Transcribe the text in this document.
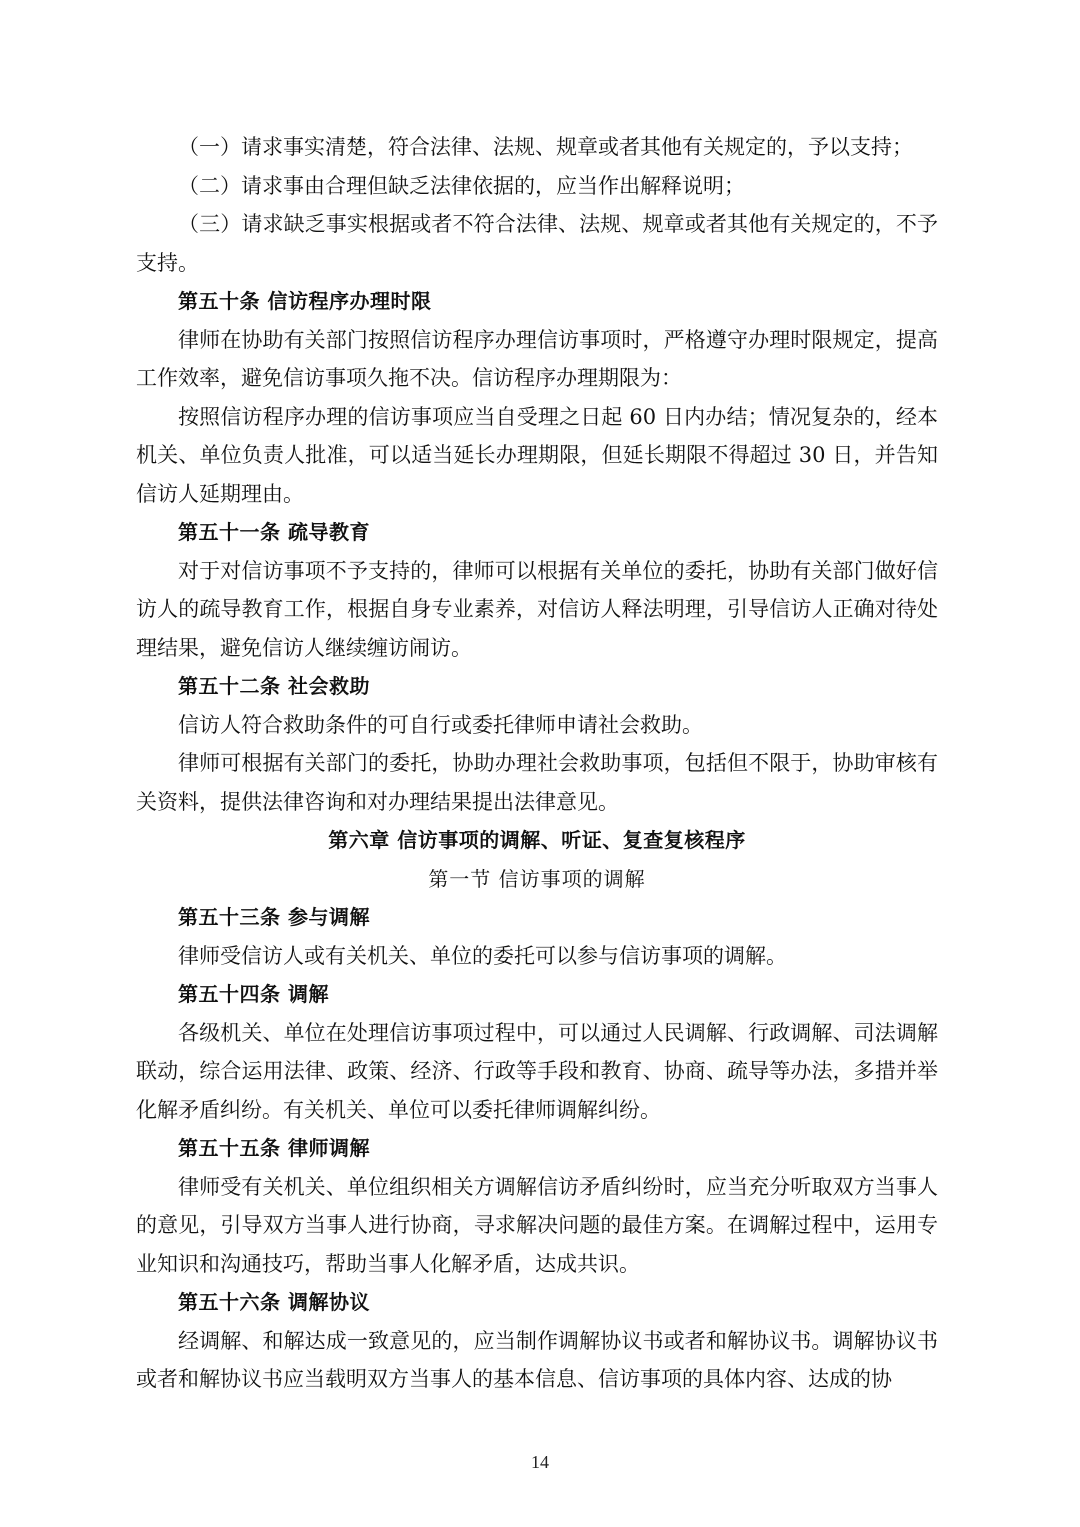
（一）请求事实清楚，符合法律、法规、规章或者其他有关规定的，予以支持；

（二）请求事由合理但缺乏法律依据的，应当作出解释说明；

（三）请求缺乏事实根据或者不符合法律、法规、规章或者其他有关规定的，不予支持。

第五十条 信访程序办理时限

律师在协助有关部门按照信访程序办理信访事项时，严格遵守办理时限规定，提高工作效率，避免信访事项久拖不决。信访程序办理期限为：

按照信访程序办理的信访事项应当自受理之日起 60 日内办结；情况复杂的，经本机关、单位负责人批准，可以适当延长办理期限，但延长期限不得超过 30 日，并告知信访人延期理由。

第五十一条 疏导教育

对于对信访事项不予支持的，律师可以根据有关单位的委托，协助有关部门做好信访人的疏导教育工作，根据自身专业素养，对信访人释法明理，引导信访人正确对待处理结果，避免信访人继续缠访闹访。

第五十二条 社会救助

信访人符合救助条件的可自行或委托律师申请社会救助。

律师可根据有关部门的委托，协助办理社会救助事项，包括但不限于，协助审核有关资料，提供法律咨询和对办理结果提出法律意见。

第六章 信访事项的调解、听证、复查复核程序

第一节 信访事项的调解

第五十三条 参与调解

律师受信访人或有关机关、单位的委托可以参与信访事项的调解。

第五十四条 调解

各级机关、单位在处理信访事项过程中，可以通过人民调解、行政调解、司法调解联动，综合运用法律、政策、经济、行政等手段和教育、协商、疏导等办法，多措并举化解矛盾纠纷。有关机关、单位可以委托律师调解纠纷。

第五十五条 律师调解

律师受有关机关、单位组织相关方调解信访矛盾纠纷时，应当充分听取双方当事人的意见，引导双方当事人进行协商，寻求解决问题的最佳方案。在调解过程中，运用专业知识和沟通技巧，帮助当事人化解矛盾，达成共识。

第五十六条 调解协议

经调解、和解达成一致意见的，应当制作调解协议书或者和解协议书。调解协议书或者和解协议书应当载明双方当事人的基本信息、信访事项的具体内容、达成的协

14
